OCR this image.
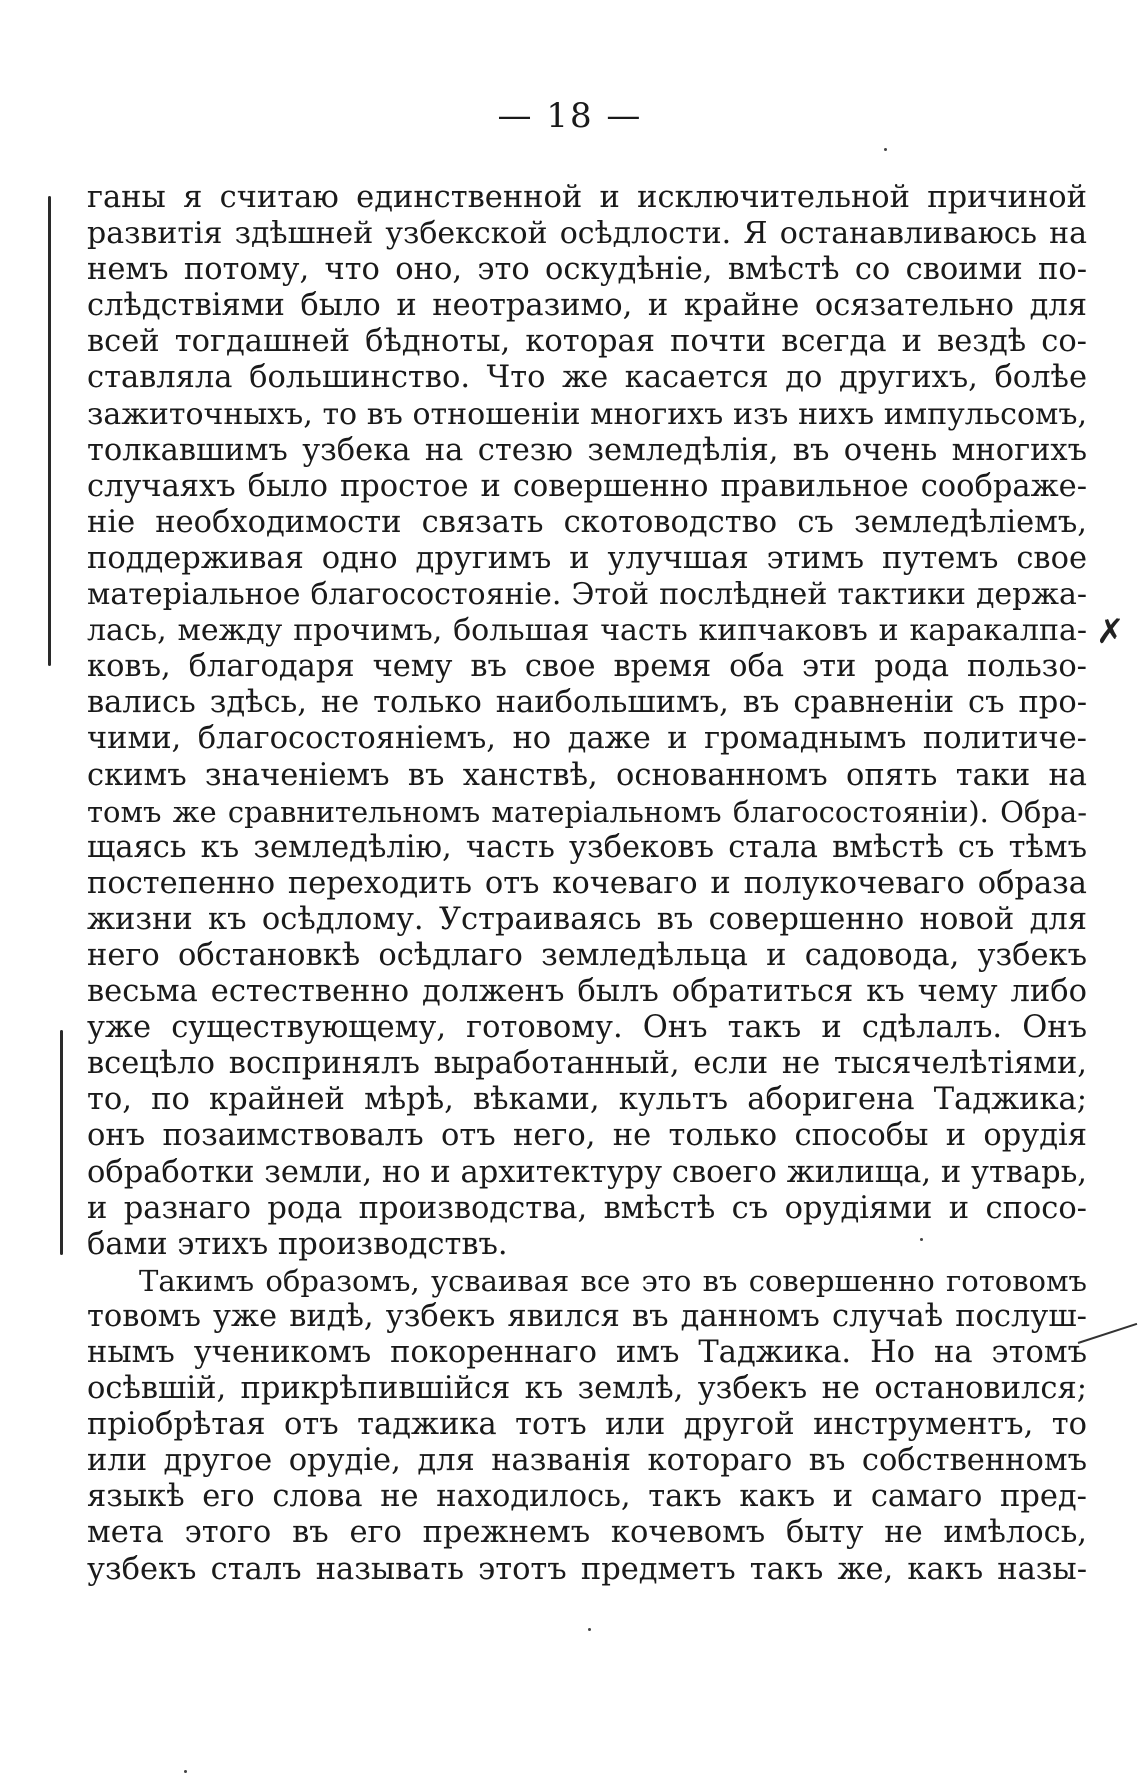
— 18 —
✗
ганы я считаю единственной и исключительной причиной
развитія здѣшней узбекской осѣдлости. Я останавливаюсь на
немъ потому, что оно, это оскудѣніе, вмѣстѣ со своими по-
слѣдствіями было и неотразимо, и крайне осязательно для
всей тогдашней бѣдноты, которая почти всегда и вездѣ со-
ставляла большинство. Что же касается до другихъ, болѣе
зажиточныхъ, то въ отношеніи многихъ изъ нихъ импульсомъ,
толкавшимъ узбека на стезю земледѣлія, въ очень многихъ
случаяхъ было простое и совершенно правильное соображе-
ніе необходимости связать скотоводство съ земледѣліемъ,
поддерживая одно другимъ и улучшая этимъ путемъ свое
матеріальное благосостояніе. Этой послѣдней тактики держа-
лась, между прочимъ, большая часть кипчаковъ и каракалпа-
ковъ, благодаря чему въ свое время оба эти рода пользо-
вались здѣсь, не только наибольшимъ, въ сравненіи съ про-
чими, благосостояніемъ, но даже и громаднымъ политиче-
скимъ значеніемъ въ ханствѣ, основанномъ опять таки на
томъ же сравнительномъ матеріальномъ благосостояніи). Обра-
щаясь къ земледѣлію, часть узбековъ стала вмѣстѣ съ тѣмъ
постепенно переходить отъ кочеваго и полукочеваго образа
жизни къ осѣдлому. Устраиваясь въ совершенно новой для
него обстановкѣ осѣдлаго земледѣльца и садовода, узбекъ
весьма естественно долженъ былъ обратиться къ чему либо
уже существующему, готовому. Онъ такъ и сдѣлалъ. Онъ
всецѣло воспринялъ выработанный, если не тысячелѣтіями,
то, по крайней мѣрѣ, вѣками, культъ аборигена Таджика;
онъ позаимствовалъ отъ него, не только способы и орудія
обработки земли, но и архитектуру своего жилища, и утварь,
и разнаго рода производства, вмѣстѣ съ орудіями и спосо-
бами этихъ производствъ.
Такимъ образомъ, усваивая все это въ совершенно готовомъ
товомъ уже видѣ, узбекъ явился въ данномъ случаѣ послуш-
нымъ ученикомъ покореннаго имъ Таджика. Но на этомъ
осѣвшій, прикрѣпившійся къ землѣ, узбекъ не остановился;
пріобрѣтая отъ таджика тотъ или другой инструментъ, то
или другое орудіе, для названія котораго въ собственномъ
языкѣ его слова не находилось, такъ какъ и самаго пред-
мета этого въ его прежнемъ кочевомъ быту не имѣлось,
узбекъ сталъ называть этотъ предметъ такъ же, какъ назы-
